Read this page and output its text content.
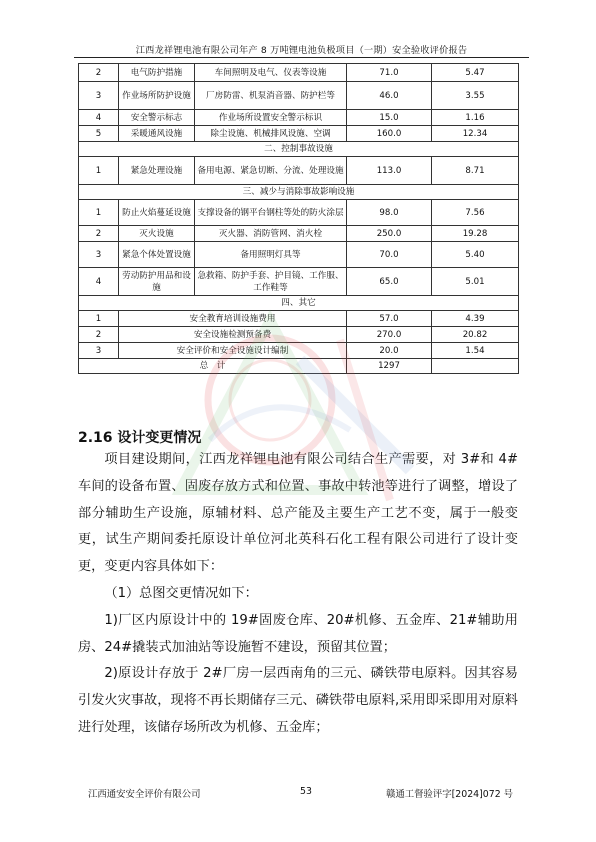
江西龙祥锂电池有限公司年产 8 万吨锂电池负极项目（一期）安全验收评价报告
2	电气防护措施	车间照明及电气、仪表等设施	71.0	5.47
3	作业场所防护设施	厂房防雷、机泵消音器、防护栏等	46.0	3.55
4	安全警示标志	作业场所设置安全警示标识	15.0	1.16
5	采暖通风设施	除尘设施、机械排风设施、空调	160.0	12.34
二、控制事故设施				
1	紧急处理设施	备用电源、紧急切断、分流、处理设施	113.0	8.71
三、减少与消除事故影响设施				
1	防止火焰蔓延设施	支撑设备的钢平台钢柱等处的防火涂层	98.0	7.56
2	灭火设施	灭火器、消防管网、消火栓	250.0	19.28
3	紧急个体处置设施	备用照明灯具等	70.0	5.40
4	劳动防护用品和设施	急救箱、防护手套、护目镜、工作服、工作鞋等	65.0	5.01
四、其它				
1	安全教育培训设施费用		57.0	4.39
2	安全设施检测预备费		270.0	20.82
3	安全评价和安全设施设计编制		20.0	1.54
总　计			1297	
2.16 设计变更情况

项目建设期间，江西龙祥锂电池有限公司结合生产需要，对 3#和 4#车间的设备布置、固废存放方式和位置、事故中转池等进行了调整，增设了部分辅助生产设施，原辅材料、总产能及主要生产工艺不变，属于一般变更，试生产期间委托原设计单位河北英科石化工程有限公司进行了设计变更，变更内容具体如下：

（1）总图交更情况如下：

1)厂区内原设计中的 19#固废仓库、20#机修、五金库、21#辅助用房、24#撬装式加油站等设施暂不建设，预留其位置；

2)原设计存放于 2#厂房一层西南角的三元、磷铁带电原料。因其容易引发火灾事故，现将不再长期储存三元、磷铁带电原料,采用即采即用对原料进行处理，该储存场所改为机修、五金库；

江西通安安全评价有限公司	53	赣通工督验评字[2024]072 号
